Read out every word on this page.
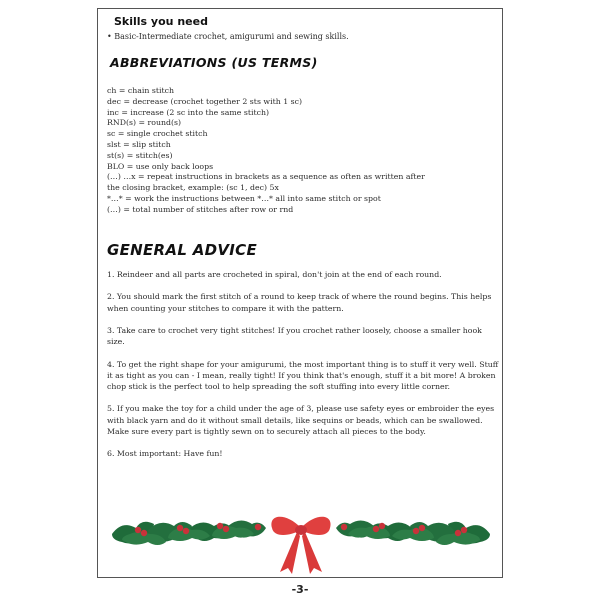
Skills you need
• Basic-Intermediate crochet, amigurumi and sewing skills.
ABBREVIATIONS (US TERMS)
ch = chain stitch
dec = decrease (crochet together 2 sts with 1 sc)
inc = increase (2 sc into the same stitch)
RND(s) = round(s)
sc = single crochet stitch
slst = slip stitch
st(s) = stitch(es)
BLO = use only back loops
(…) …x = repeat instructions in brackets as a sequence as often as written after
the closing bracket, example: (sc 1, dec) 5x
*…* = work the instructions between *…* all into same stitch or spot
(…) = total number of stitches after row or rnd
GENERAL ADVICE

1. Reindeer and all parts are crocheted in spiral, don't join at the end of each round.

2. You should mark the first stitch of a round to keep track of where the round begins. This helps when counting your stitches to compare it with the pattern.

3. Take care to crochet very tight stitches! If you crochet rather loosely, choose a smaller hook size.

4. To get the right shape for your amigurumi, the most important thing is to stuff it very well. Stuff it as tight as you can - I mean, really tight! If you think that's enough, stuff it a bit more! A broken chop stick is the perfect tool to help spreading the soft stuffing into every little corner.

5. If you make the toy for a child under the age of 3, please use safety eyes or embroider the eyes with black yarn and do it without small details, like sequins or beads, which can be swallowed. Make sure every part is tightly sewn on to securely attach all pieces to the body.

6. Most important: Have fun!

-3-
